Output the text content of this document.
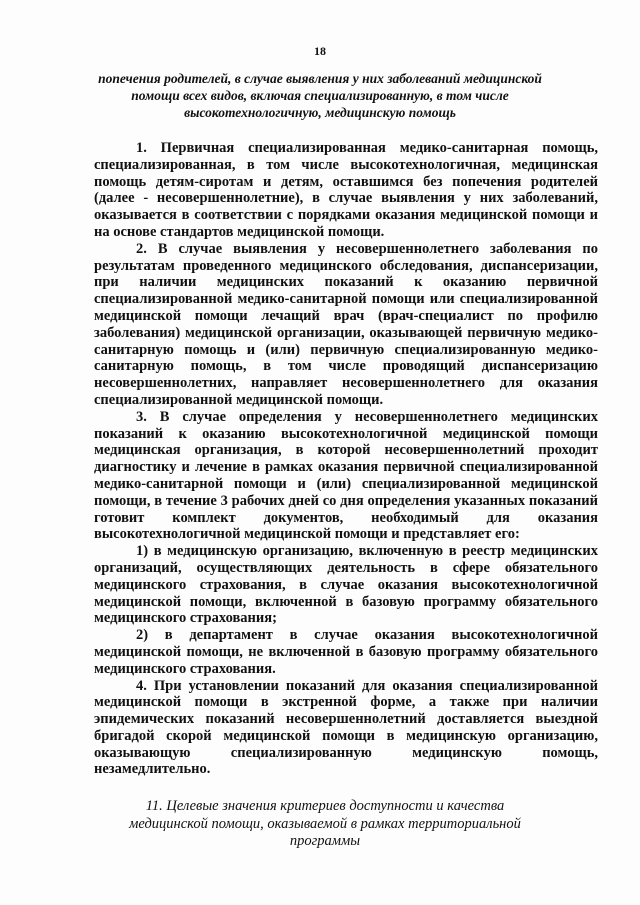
18
попечения родителей, в случае выявления у них заболеваний медицинской помощи всех видов, включая специализированную, в том числе высокотехнологичную, медицинскую помощь

1. Первичная специализированная медико-санитарная помощь, специализированная, в том числе высокотехнологичная, медицинская помощь детям-сиротам и детям, оставшимся без попечения родителей (далее - несовершеннолетние), в случае выявления у них заболеваний, оказывается в соответствии с порядками оказания медицинской помощи и на основе стандартов медицинской помощи.

2. В случае выявления у несовершеннолетнего заболевания по результатам проведенного медицинского обследования, диспансеризации, при наличии медицинских показаний к оказанию первичной специализированной медико-санитарной помощи или специализированной медицинской помощи лечащий врач (врач-специалист по профилю заболевания) медицинской организации, оказывающей первичную медико-санитарную помощь и (или) первичную специализированную медико-санитарную помощь, в том числе проводящий диспансеризацию несовершеннолетних, направляет несовершеннолетнего для оказания специализированной медицинской помощи.

3. В случае определения у несовершеннолетнего медицинских показаний к оказанию высокотехнологичной медицинской помощи медицинская организация, в которой несовершеннолетний проходит диагностику и лечение в рамках оказания первичной специализированной медико-санитарной помощи и (или) специализированной медицинской помощи, в течение 3 рабочих дней со дня определения указанных показаний готовит комплект документов, необходимый для оказания высокотехнологичной медицинской помощи и представляет его:

1) в медицинскую организацию, включенную в реестр медицинских организаций, осуществляющих деятельность в сфере обязательного медицинского страхования, в случае оказания высокотехнологичной медицинской помощи, включенной в базовую программу обязательного медицинского страхования;

2) в департамент в случае оказания высокотехнологичной медицинской помощи, не включенной в базовую программу обязательного медицинского страхования.

4. При установлении показаний для оказания специализированной медицинской помощи в экстренной форме, а также при наличии эпидемических показаний несовершеннолетний доставляется выездной бригадой скорой медицинской помощи в медицинскую организацию, оказывающую специализированную медицинскую помощь, незамедлительно.

11. Целевые значения критериев доступности и качества медицинской помощи, оказываемой в рамках территориальной программы
